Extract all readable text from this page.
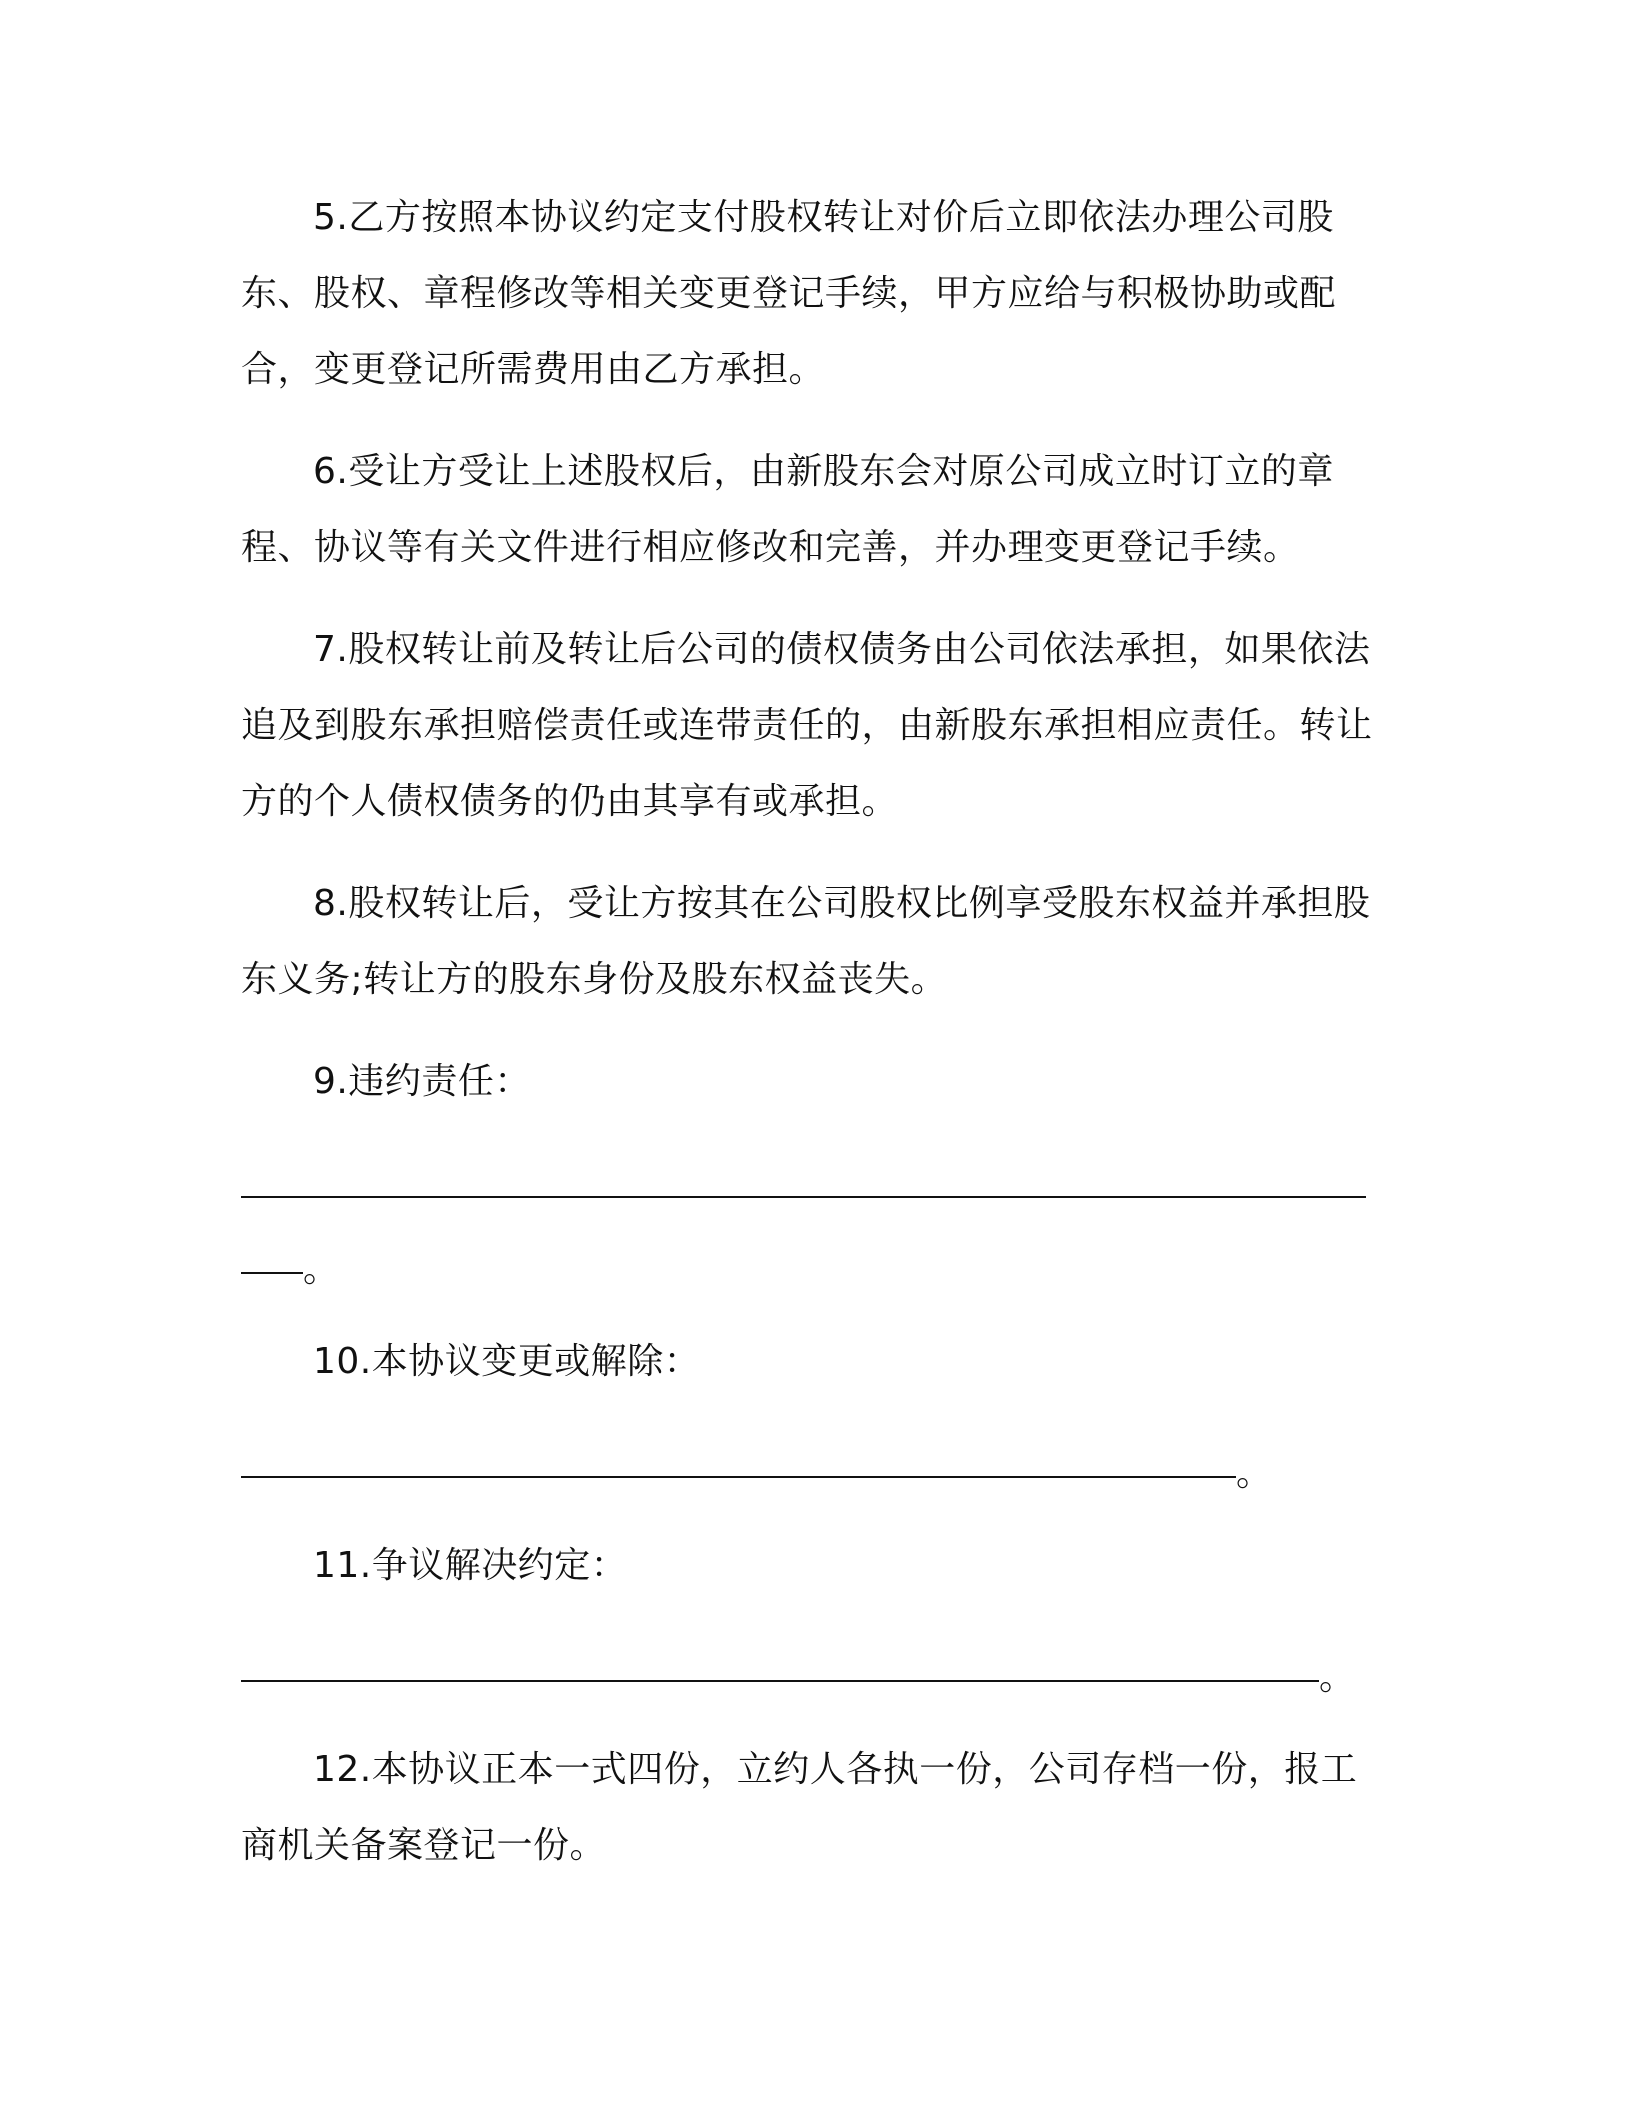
5.乙方按照本协议约定支付股权转让对价后立即依法办理公司股东、股权、章程修改等相关变更登记手续，甲方应给与积极协助或配合，变更登记所需费用由乙方承担。

6.受让方受让上述股权后，由新股东会对原公司成立时订立的章程、协议等有关文件进行相应修改和完善，并办理变更登记手续。

7.股权转让前及转让后公司的债权债务由公司依法承担，如果依法追及到股东承担赔偿责任或连带责任的，由新股东承担相应责任。转让方的个人债权债务的仍由其享有或承担。

8.股权转让后，受让方按其在公司股权比例享受股东权益并承担股东义务;转让方的股东身份及股东权益丧失。

9.违约责任：

。

10.本协议变更或解除：

。

11.争议解决约定：

。

12.本协议正本一式四份，立约人各执一份，公司存档一份，报工商机关备案登记一份。
